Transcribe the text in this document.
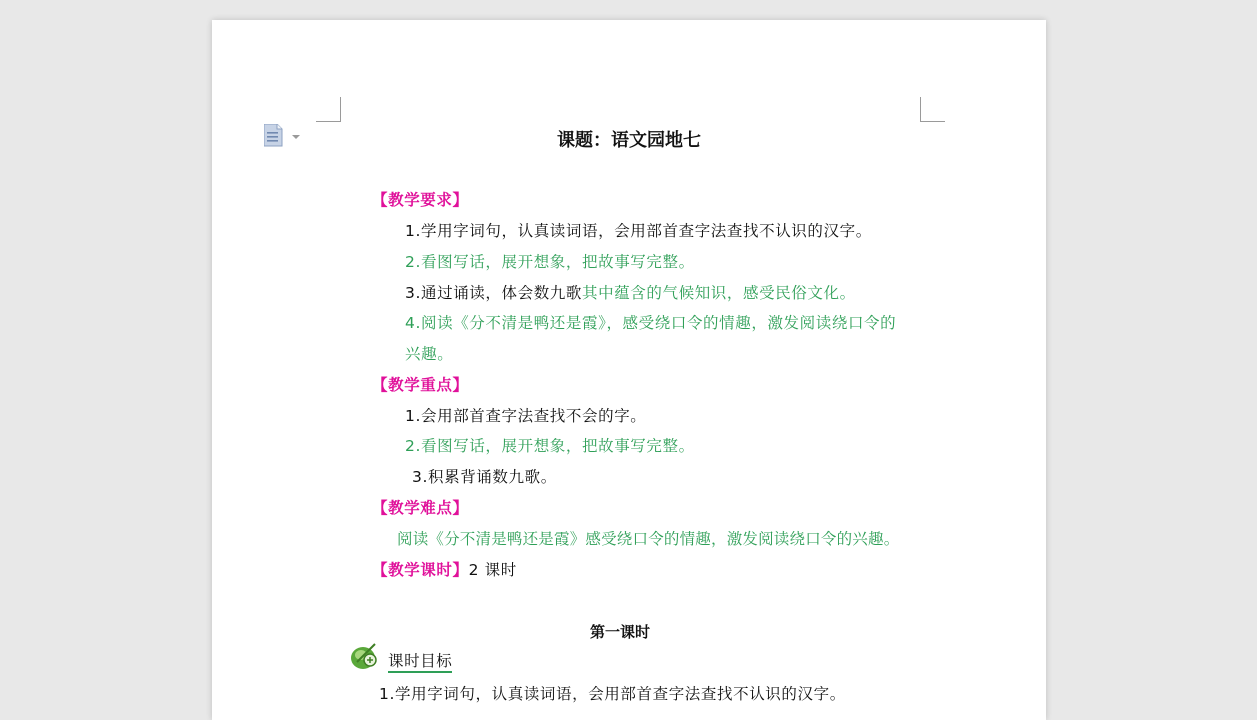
课题：语文园地七
【教学要求】
1.学用字词句，认真读词语，会用部首查字法查找不认识的汉字。
2.看图写话，展开想象，把故事写完整。
3.通过诵读，体会数九歌其中蕴含的气候知识，感受民俗文化。
4.阅读《分不清是鸭还是霞》，感受绕口令的情趣，激发阅读绕口令的
兴趣。
【教学重点】
1.会用部首查字法查找不会的字。
2.看图写话，展开想象，把故事写完整。
3.积累背诵数九歌。
【教学难点】
阅读《分不清是鸭还是霞》感受绕口令的情趣，激发阅读绕口令的兴趣。
【教学课时】2 课时
第一课时
课时目标
1.学用字词句，认真读词语，会用部首查字法查找不认识的汉字。
